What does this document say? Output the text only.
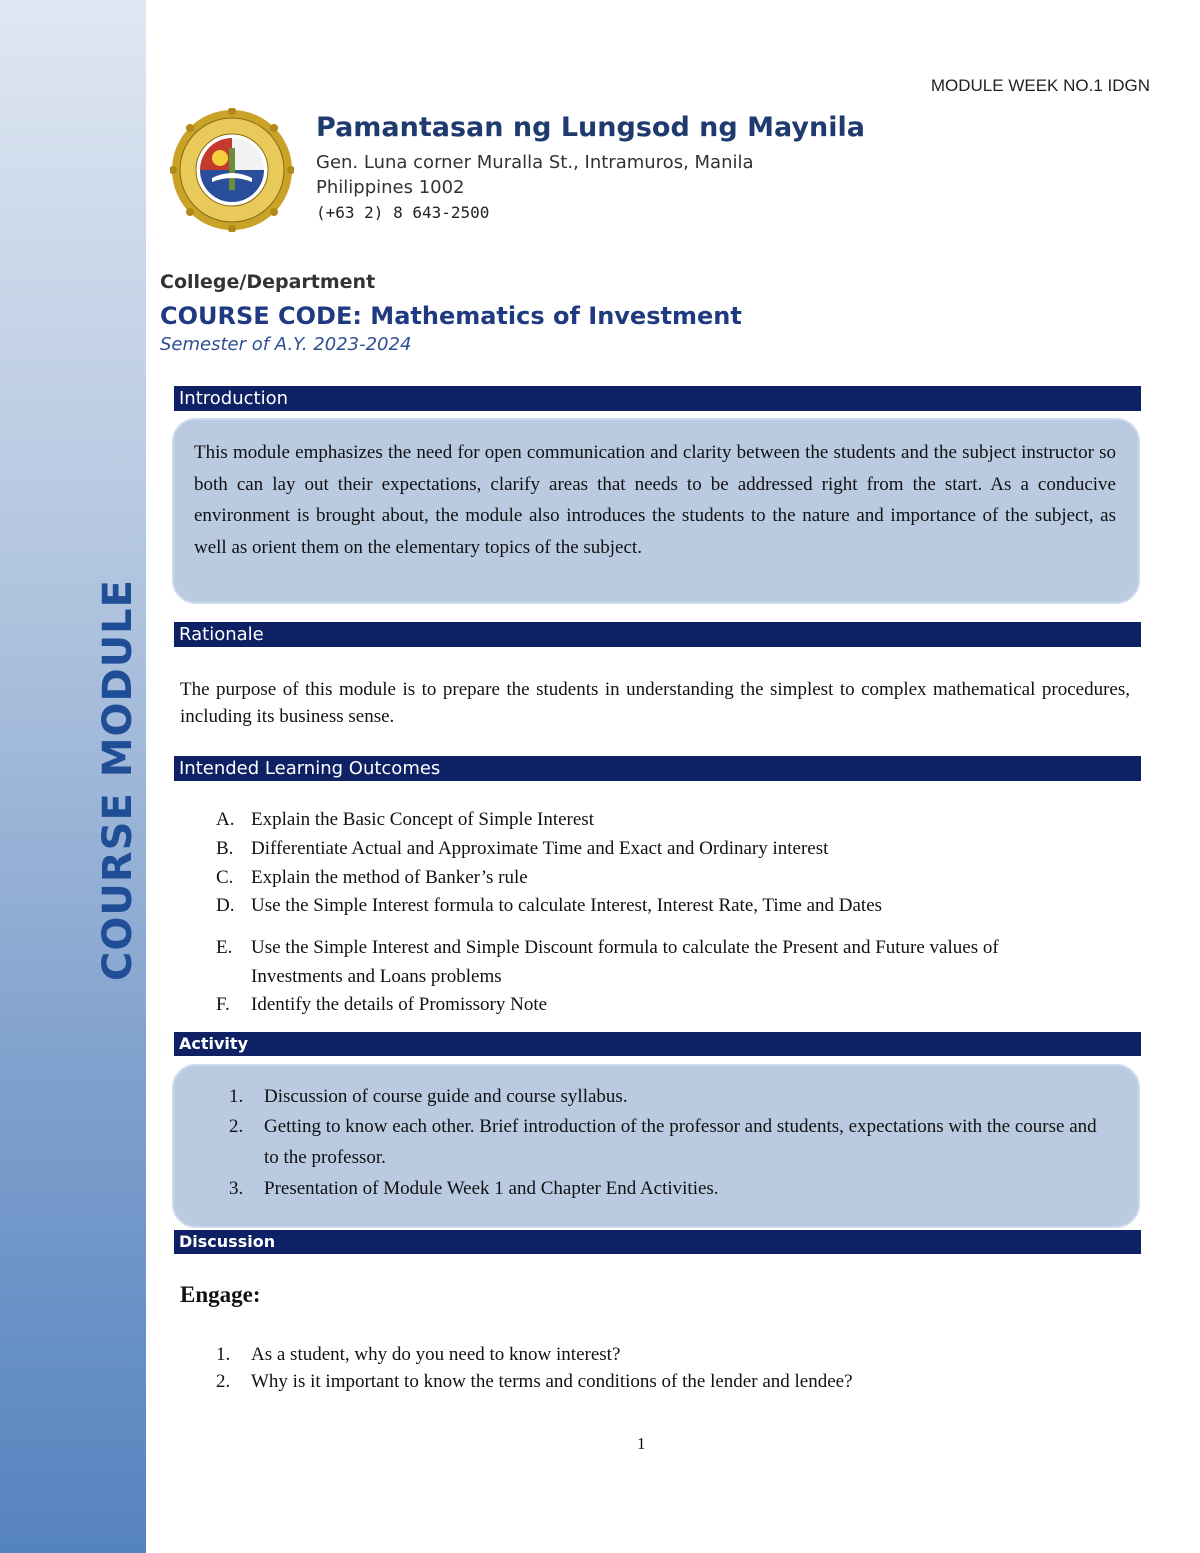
COURSE MODULE
MODULE WEEK NO.1 IDGN
Pamantasan ng Lungsod ng Maynila
Gen. Luna corner Muralla St., Intramuros, Manila
Philippines 1002
(+63 2) 8 643-2500
College/Department
COURSE CODE: Mathematics of Investment
Semester of A.Y. 2023-2024
Introduction
This module emphasizes the need for open communication and clarity between the students and the subject instructor so both can lay out their expectations, clarify areas that needs to be addressed right from the start. As a conducive environment is brought about, the module also introduces the students to the nature and importance of the subject, as well as orient them on the elementary topics of the subject.
Rationale
The purpose of this module is to prepare the students in understanding the simplest to complex mathematical procedures, including its business sense.
Intended Learning Outcomes
A. Explain the Basic Concept of Simple Interest
B. Differentiate Actual and Approximate Time and Exact and Ordinary interest
C. Explain the method of Banker’s rule
D. Use the Simple Interest formula to calculate Interest, Interest Rate, Time and Dates
E. Use the Simple Interest and Simple Discount formula to calculate the Present and Future values of Investments and Loans problems
F. Identify the details of Promissory Note
Activity
1. Discussion of course guide and course syllabus.
2. Getting to know each other. Brief introduction of the professor and students, expectations with the course and to the professor.
3. Presentation of Module Week 1 and Chapter End Activities.
Discussion
Engage:
1. As a student, why do you need to know interest?
2. Why is it important to know the terms and conditions of the lender and lendee?
1
